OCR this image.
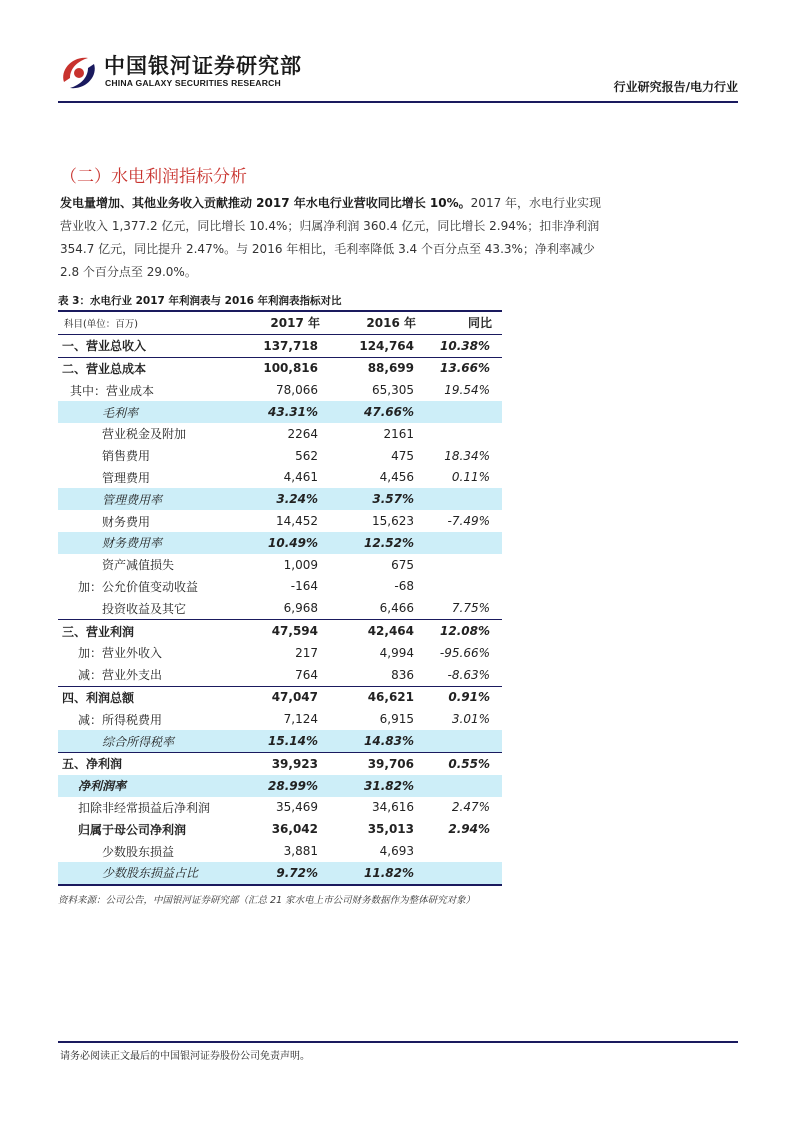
中国银河证券研究部
CHINA GALAXY SECURITIES RESEARCH	行业研究报告/电力行业
（二）水电利润指标分析
发电量增加、其他业务收入贡献推动 2017 年水电行业营收同比增长 10%。2017 年，水电行业实现营业收入 1,377.2 亿元，同比增长 10.4%；归属净利润 360.4 亿元，同比增长 2.94%；扣非净利润 354.7 亿元，同比提升 2.47%。与 2016 年相比，毛利率降低 3.4 个百分点至 43.3%；净利率减少 2.8 个百分点至 29.0%。
表 3：水电行业 2017 年利润表与 2016 年利润表指标对比
科目(单位：百万)	2017 年	2016 年	同比
一、营业总收入	137,718	124,764	10.38%
二、营业总成本	100,816	88,699	13.66%
其中：营业成本	78,066	65,305	19.54%
毛利率	43.31%	47.66%	
营业税金及附加	2264	2161	
销售费用	562	475	18.34%
管理费用	4,461	4,456	0.11%
管理费用率	3.24%	3.57%	
财务费用	14,452	15,623	-7.49%
财务费用率	10.49%	12.52%	
资产减值损失	1,009	675	
加：公允价值变动收益	-164	-68	
投资收益及其它	6,968	6,466	7.75%
三、营业利润	47,594	42,464	12.08%
加：营业外收入	217	4,994	-95.66%
减：营业外支出	764	836	-8.63%
四、利润总额	47,047	46,621	0.91%
减：所得税费用	7,124	6,915	3.01%
综合所得税率	15.14%	14.83%	
五、净利润	39,923	39,706	0.55%
净利润率	28.99%	31.82%	
扣除非经常损益后净利润	35,469	34,616	2.47%
归属于母公司净利润	36,042	35,013	2.94%
少数股东损益	3,881	4,693	
少数股东损益占比	9.72%	11.82%	
资料来源：公司公告，中国银河证券研究部（汇总 21 家水电上市公司财务数据作为整体研究对象）
请务必阅读正文最后的中国银河证券股份公司免责声明。
